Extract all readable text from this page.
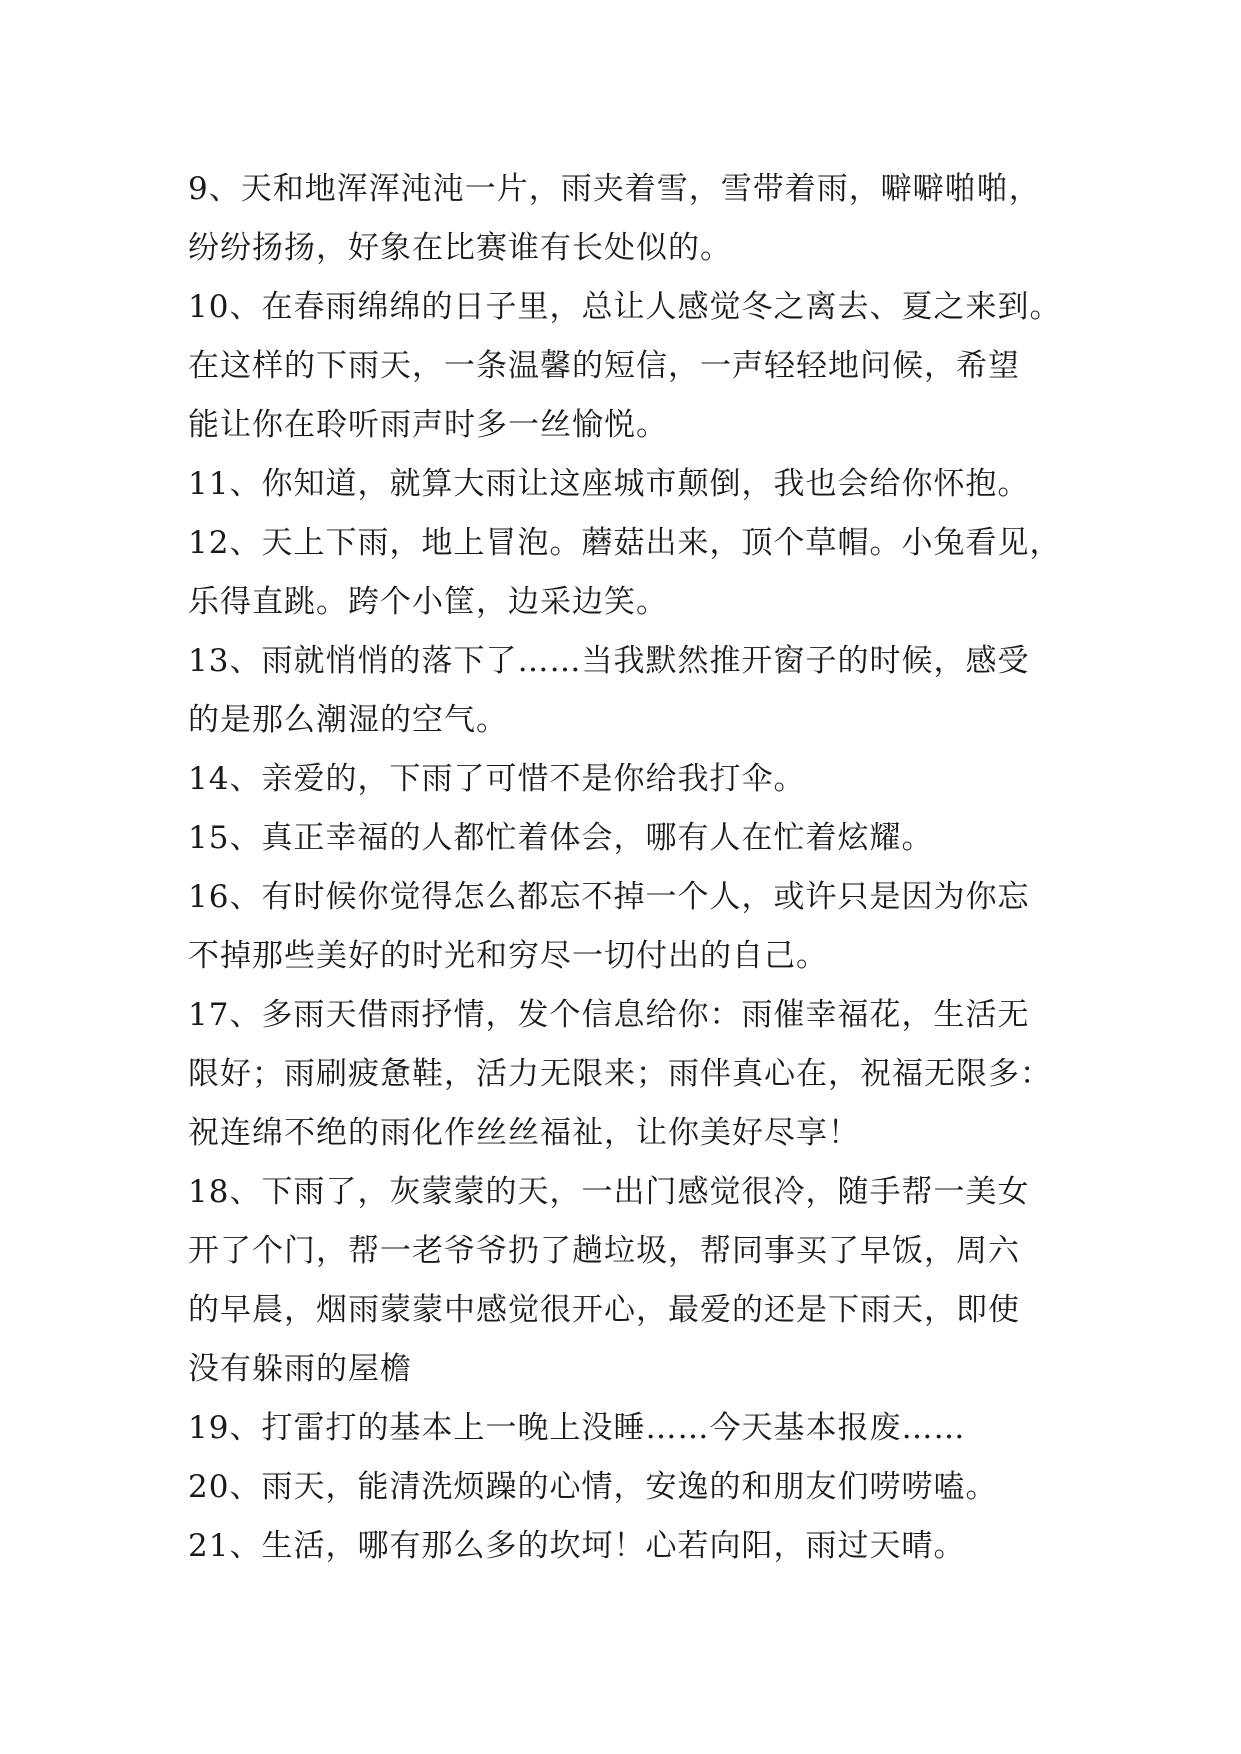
9、天和地浑浑沌沌一片，雨夹着雪，雪带着雨，噼噼啪啪，
纷纷扬扬，好象在比赛谁有长处似的。
10、在春雨绵绵的日子里，总让人感觉冬之离去、夏之来到。
在这样的下雨天，一条温馨的短信，一声轻轻地问候，希望
能让你在聆听雨声时多一丝愉悦。
11、你知道，就算大雨让这座城市颠倒，我也会给你怀抱。
12、天上下雨，地上冒泡。蘑菇出来，顶个草帽。小兔看见，
乐得直跳。跨个小筐，边采边笑。
13、雨就悄悄的落下了……当我默然推开窗子的时候，感受
的是那么潮湿的空气。
14、亲爱的，下雨了可惜不是你给我打伞。
15、真正幸福的人都忙着体会，哪有人在忙着炫耀。
16、有时候你觉得怎么都忘不掉一个人，或许只是因为你忘
不掉那些美好的时光和穷尽一切付出的自己。
17、多雨天借雨抒情，发个信息给你：雨催幸福花，生活无
限好；雨刷疲惫鞋，活力无限来；雨伴真心在，祝福无限多：
祝连绵不绝的雨化作丝丝福祉，让你美好尽享！
18、下雨了，灰蒙蒙的天，一出门感觉很冷，随手帮一美女
开了个门，帮一老爷爷扔了趟垃圾，帮同事买了早饭，周六
的早晨，烟雨蒙蒙中感觉很开心，最爱的还是下雨天，即使
没有躲雨的屋檐
19、打雷打的基本上一晚上没睡……今天基本报废……
20、雨天，能清洗烦躁的心情，安逸的和朋友们唠唠嗑。
21、生活，哪有那么多的坎坷！心若向阳，雨过天晴。
